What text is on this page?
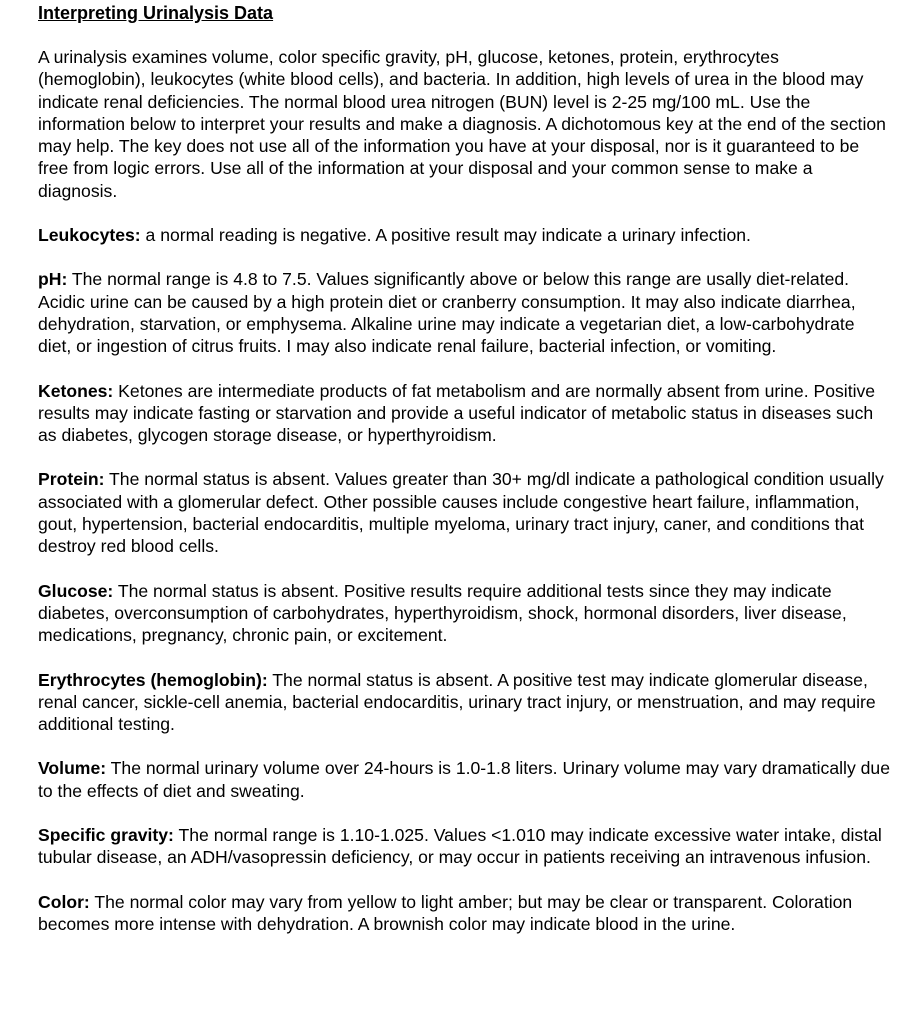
Interpreting Urinalysis Data

A urinalysis examines volume, color specific gravity, pH, glucose, ketones, protein, erythrocytes (hemoglobin), leukocytes (white blood cells), and bacteria. In addition, high levels of urea in the blood may indicate renal deficiencies. The normal blood urea nitrogen (BUN) level is 2-25 mg/100 mL. Use the information below to interpret your results and make a diagnosis. A dichotomous key at the end of the section may help. The key does not use all of the information you have at your disposal, nor is it guaranteed to be free from logic errors. Use all of the information at your disposal and your common sense to make a diagnosis.

Leukocytes: a normal reading is negative. A positive result may indicate a urinary infection.

pH: The normal range is 4.8 to 7.5. Values significantly above or below this range are usally diet-related. Acidic urine can be caused by a high protein diet or cranberry consumption. It may also indicate diarrhea, dehydration, starvation, or emphysema. Alkaline urine may indicate a vegetarian diet, a low-carbohydrate diet, or ingestion of citrus fruits. I may also indicate renal failure, bacterial infection, or vomiting.

Ketones: Ketones are intermediate products of fat metabolism and are normally absent from urine. Positive results may indicate fasting or starvation and provide a useful indicator of metabolic status in diseases such as diabetes, glycogen storage disease, or hyperthyroidism.

Protein: The normal status is absent. Values greater than 30+ mg/dl indicate a pathological condition usually associated with a glomerular defect. Other possible causes include congestive heart failure, inflammation, gout, hypertension, bacterial endocarditis, multiple myeloma, urinary tract injury, caner, and conditions that destroy red blood cells.

Glucose: The normal status is absent. Positive results require additional tests since they may indicate diabetes, overconsumption of carbohydrates, hyperthyroidism, shock, hormonal disorders, liver disease, medications, pregnancy, chronic pain, or excitement.

Erythrocytes (hemoglobin): The normal status is absent. A positive test may indicate glomerular disease, renal cancer, sickle-cell anemia, bacterial endocarditis, urinary tract injury, or menstruation, and may require additional testing.

Volume: The normal urinary volume over 24-hours is 1.0-1.8 liters. Urinary volume may vary dramatically due to the effects of diet and sweating.

Specific gravity: The normal range is 1.10-1.025. Values <1.010 may indicate excessive water intake, distal tubular disease, an ADH/vasopressin deficiency, or may occur in patients receiving an intravenous infusion.

Color: The normal color may vary from yellow to light amber; but may be clear or transparent. Coloration becomes more intense with dehydration. A brownish color may indicate blood in the urine.
